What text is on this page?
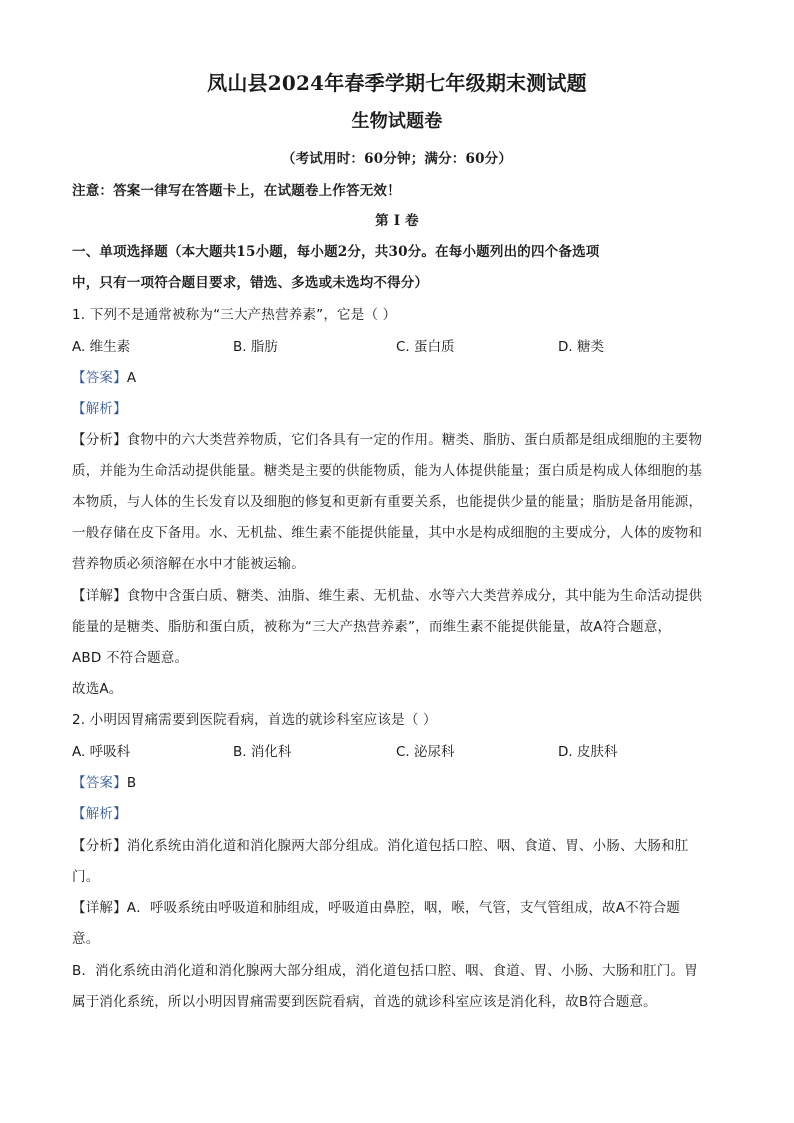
凤山县2024年春季学期七年级期末测试题
生物试题卷
（考试用时：60分钟；满分：60分）
注意：答案一律写在答题卡上，在试题卷上作答无效！
第 I 卷
一、单项选择题（本大题共15小题，每小题2分，共30分。在每小题列出的四个备选项
中，只有一项符合题目要求，错选、多选或未选均不得分）
1. 下列不是通常被称为“三大产热营养素”，它是（ ）
A. 维生素	B. 脂肪	C. 蛋白质	D. 糖类
【答案】A
【解析】
【分析】食物中的六大类营养物质，它们各具有一定的作用。糖类、脂肪、蛋白质都是组成细胞的主要物
质，并能为生命活动提供能量。糖类是主要的供能物质，能为人体提供能量；蛋白质是构成人体细胞的基
本物质，与人体的生长发育以及细胞的修复和更新有重要关系，也能提供少量的能量；脂肪是备用能源，
一般存储在皮下备用。水、无机盐、维生素不能提供能量，其中水是构成细胞的主要成分，人体的废物和
营养物质必须溶解在水中才能被运输。
【详解】食物中含蛋白质、糖类、油脂、维生素、无机盐、水等六大类营养成分，其中能为生命活动提供
能量的是糖类、脂肪和蛋白质，被称为“三大产热营养素”，而维生素不能提供能量，故A符合题意，
ABD 不符合题意。
故选A。
2. 小明因胃痛需要到医院看病，首选的就诊科室应该是（ ）
A. 呼吸科	B. 消化科	C. 泌尿科	D. 皮肤科
【答案】B
【解析】
【分析】消化系统由消化道和消化腺两大部分组成。消化道包括口腔、咽、食道、胃、小肠、大肠和肛
门。
【详解】A．呼吸系统由呼吸道和肺组成，呼吸道由鼻腔，咽，喉，气管，支气管组成，故A不符合题
意。
B．消化系统由消化道和消化腺两大部分组成，消化道包括口腔、咽、食道、胃、小肠、大肠和肛门。胃
属于消化系统，所以小明因胃痛需要到医院看病，首选的就诊科室应该是消化科，故B符合题意。
